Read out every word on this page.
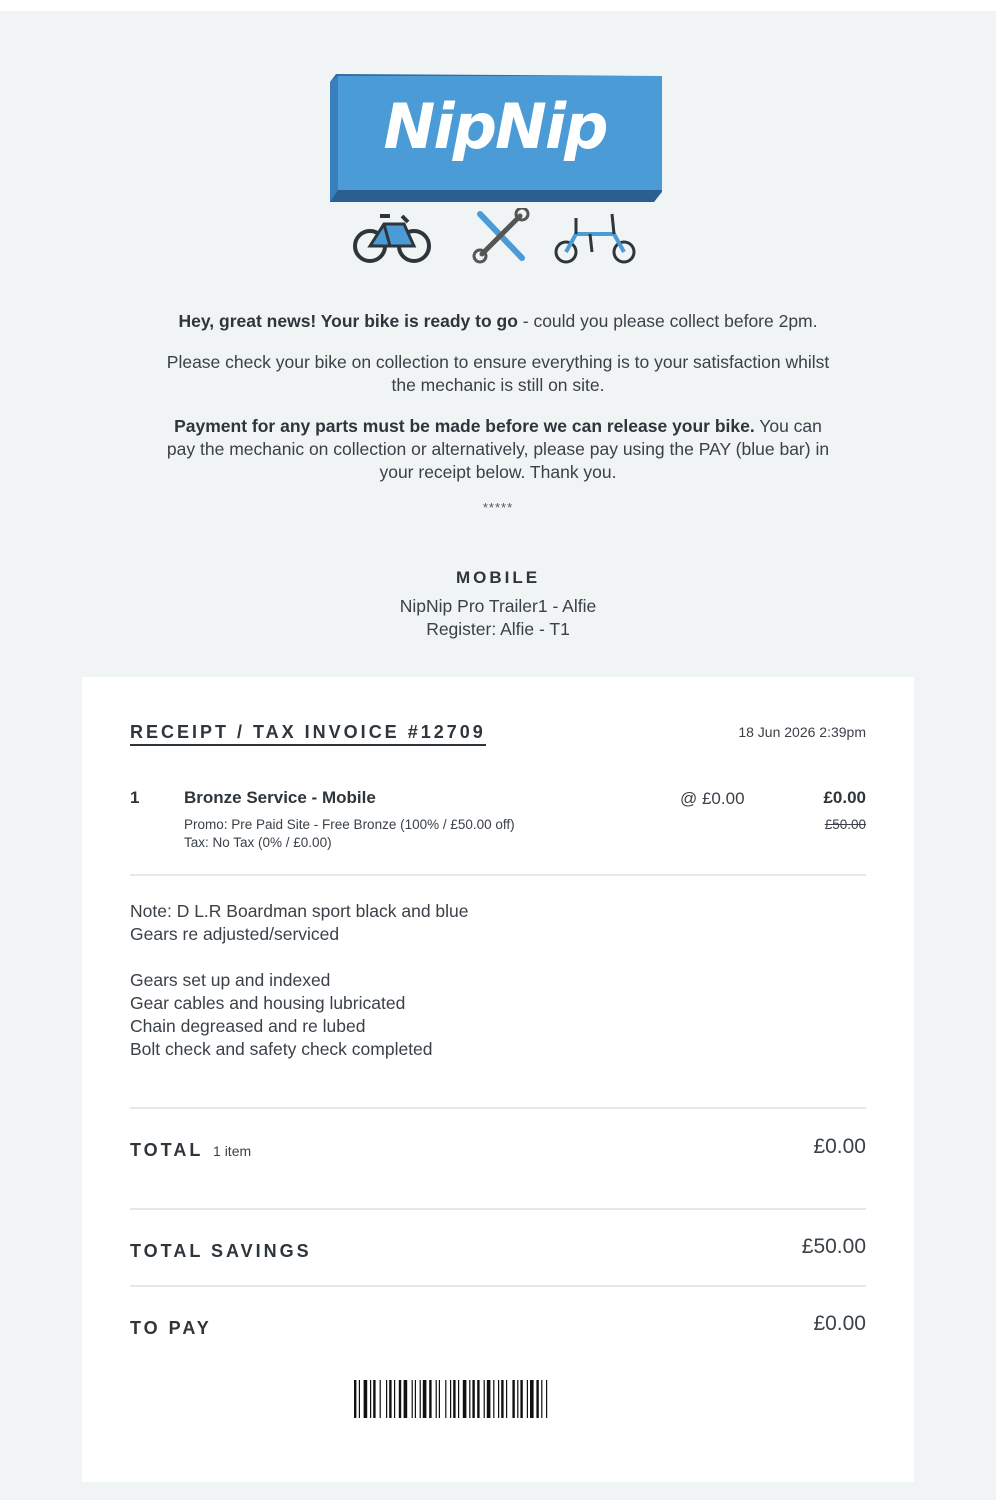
NipNip
Hey, great news! Your bike is ready to go - could you please collect before 2pm.
Please check your bike on collection to ensure everything is to your satisfaction whilst the mechanic is still on site.
Payment for any parts must be made before we can release your bike. You can pay the mechanic on collection or alternatively, please pay using the PAY (blue bar) in your receipt below. Thank you.
*****
MOBILE
NipNip Pro Trailer1 - Alfie
Register: Alfie - T1
RECEIPT / TAX INVOICE #12709	18 Jun 2026 2:39pm
1	Bronze Service - Mobile	@ £0.00	£0.00
£50.00
Promo: Pre Paid Site - Free Bronze (100% / £50.00 off)
Tax: No Tax (0% / £0.00)
Note: D L.R Boardman sport black and blue
Gears re adjusted/serviced
Gears set up and indexed
Gear cables and housing lubricated
Chain degreased and re lubed
Bolt check and safety check completed
TOTAL 1 item	£0.00
TOTAL SAVINGS	£50.00
TO PAY	£0.00
